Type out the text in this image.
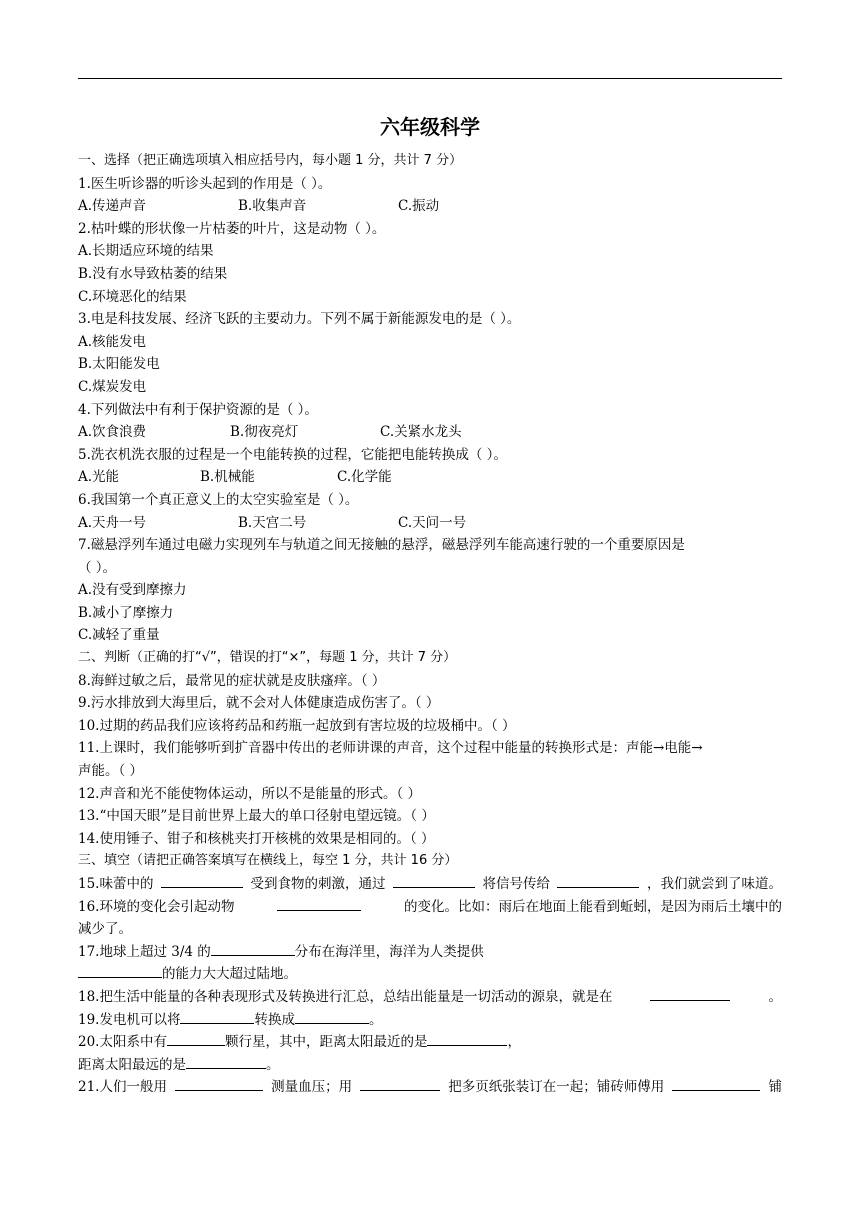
六年级科学
一、选择（把正确选项填入相应括号内，每小题 1 分，共计 7 分）
1.医生听诊器的听诊头起到的作用是（ ）。
A.传递声音	B.收集声音	C.振动
2.枯叶蝶的形状像一片枯萎的叶片，这是动物（ ）。
A.长期适应环境的结果
B.没有水导致枯萎的结果
C.环境恶化的结果
3.电是科技发展、经济飞跃的主要动力。下列不属于新能源发电的是（ ）。
A.核能发电
B.太阳能发电
C.煤炭发电
4.下列做法中有利于保护资源的是（ ）。
A.饮食浪费	B.彻夜亮灯	C.关紧水龙头
5.洗衣机洗衣服的过程是一个电能转换的过程，它能把电能转换成（ ）。
A.光能	B.机械能	C.化学能
6.我国第一个真正意义上的太空实验室是（ ）。
A.天舟一号	B.天宫二号	C.天问一号
7.磁悬浮列车通过电磁力实现列车与轨道之间无接触的悬浮，磁悬浮列车能高速行驶的一个重要原因是
（ ）。
A.没有受到摩擦力
B.减小了摩擦力
C.减轻了重量
二、判断（正确的打“√”，错误的打“×”，每题 1 分，共计 7 分）
8.海鲜过敏之后，最常见的症状就是皮肤瘙痒。（ ）
9.污水排放到大海里后，就不会对人体健康造成伤害了。（ ）
10.过期的药品我们应该将药品和药瓶一起放到有害垃圾的垃圾桶中。（ ）
11.上课时，我们能够听到扩音器中传出的老师讲课的声音，这个过程中能量的转换形式是：声能→电能→
声能。（ ）
12.声音和光不能使物体运动，所以不是能量的形式。（ ）
13.“中国天眼”是目前世界上最大的单口径射电望远镜。（ ）
14.使用锤子、钳子和核桃夹打开核桃的效果是相同的。（ ）
三、填空（请把正确答案填写在横线上，每空 1 分，共计 16 分）
15.味蕾中的	受到食物的刺激，通过	将信号传给	，我们就尝到了味道。
16.环境的变化会引起动物	的变化。比如：雨后在地面上能看到蚯蚓，是因为雨后土壤中的
减少了。
17.地球上超过 3/4 的	分布在海洋里，海洋为人类提供
的能力大大超过陆地。
18.把生活中能量的各种表现形式及转换进行汇总，总结出能量是一切活动的源泉，就是在	。
19.发电机可以将	转换成	。
20.太阳系中有	颗行星，其中，距离太阳最近的是	，
距离太阳最远的是	。
21.人们一般用	测量血压；用	把多页纸张装订在一起；铺砖师傅用	铺
